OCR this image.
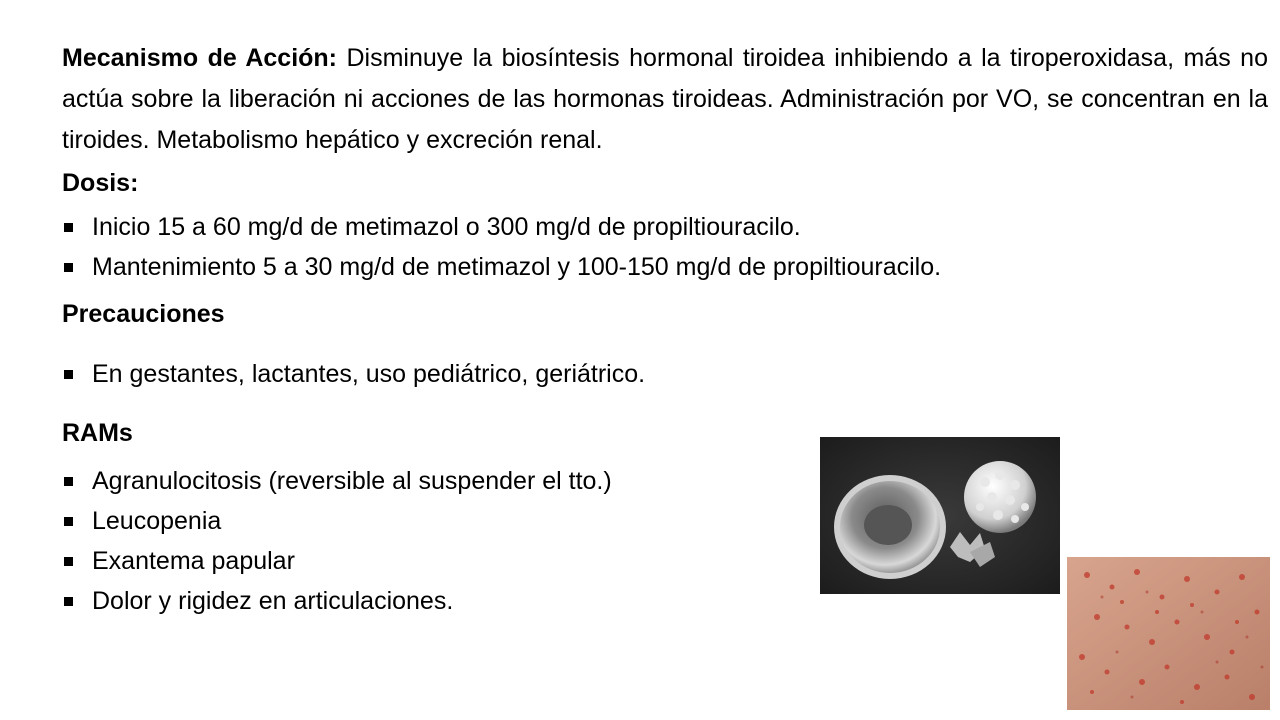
Mecanismo de Acción: Disminuye la biosíntesis hormonal tiroidea inhibiendo a la tiroperoxidasa, más no actúa sobre la liberación ni acciones de las hormonas tiroideas. Administración por VO, se concentran en la tiroides. Metabolismo hepático y excreción renal.

Dosis:
Inicio 15 a 60 mg/d de metimazol o 300 mg/d de propiltiouracilo.
Mantenimiento 5 a 30 mg/d de metimazol y 100-150 mg/d de propiltiouracilo.
Precauciones
En gestantes, lactantes, uso pediátrico, geriátrico.
RAMs
Agranulocitosis (reversible al suspender el tto.)
Leucopenia
Exantema papular
Dolor y rigidez en articulaciones.
